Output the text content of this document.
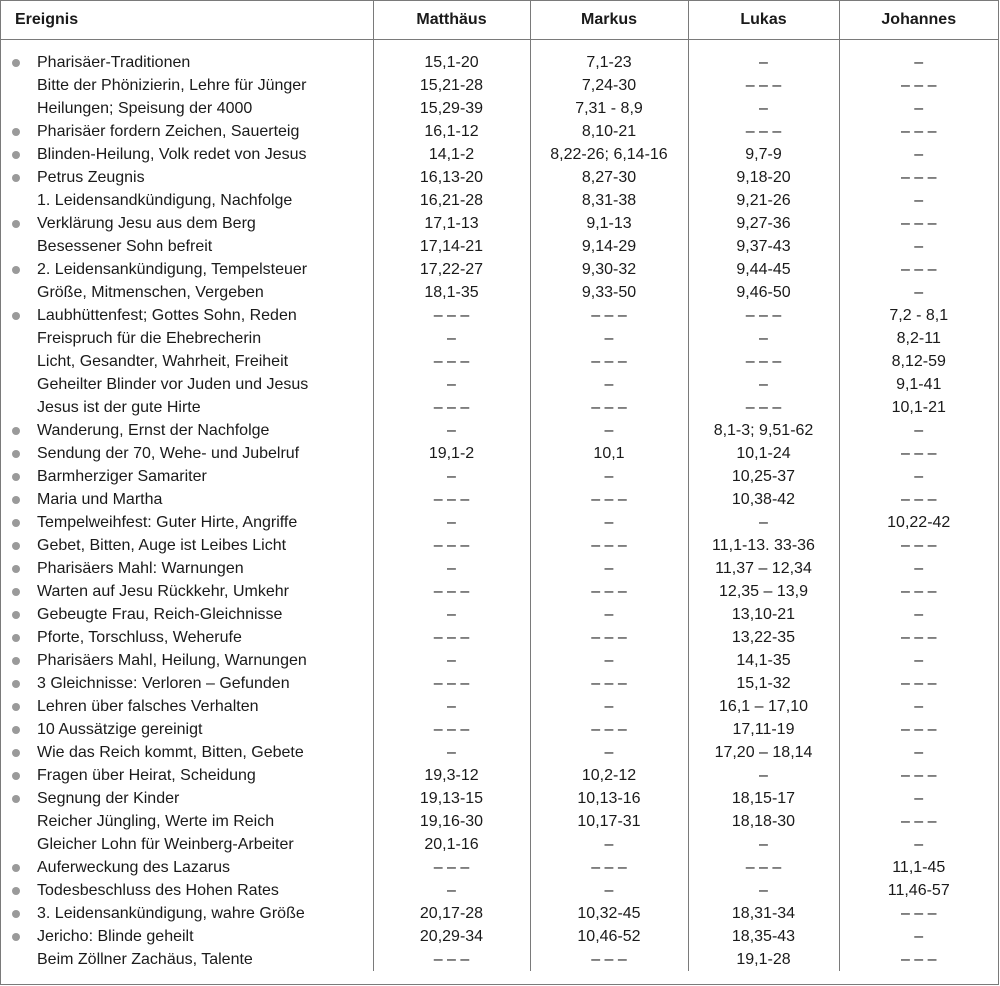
Ereignis	Matthäus	Markus	Lukas	Johannes

Pharisäer-Traditionen	15,1-20	7,1-23	–	–
Bitte der Phönizierin, Lehre für Jünger	15,21-28	7,24-30	– – –	– – –
Heilungen; Speisung der 4000	15,29-39	7,31 - 8,9	–	–

Pharisäer fordern Zeichen, Sauerteig	16,1-12	8,10-21	– – –	– – –

Blinden-Heilung, Volk redet von Jesus	14,1-2	8,22-26; 6,14-16	9,7-9	–

Petrus Zeugnis	16,13-20	8,27-30	9,18-20	– – –
1. Leidensandkündigung, Nachfolge	16,21-28	8,31-38	9,21-26	–

Verklärung Jesu aus dem Berg	17,1-13	9,1-13	9,27-36	– – –
Besessener Sohn befreit	17,14-21	9,14-29	9,37-43	–

2. Leidensankündigung, Tempelsteuer	17,22-27	9,30-32	9,44-45	– – –
Größe, Mitmenschen, Vergeben	18,1-35	9,33-50	9,46-50	–

Laubhüttenfest; Gottes Sohn, Reden	– – –	– – –	– – –	7,2 - 8,1
Freispruch für die Ehebrecherin	–	–	–	8,2-11
Licht, Gesandter, Wahrheit, Freiheit	– – –	– – –	– – –	8,12-59
Geheilter Blinder vor Juden und Jesus	–	–	–	9,1-41
Jesus ist der gute Hirte	– – –	– – –	– – –	10,1-21

Wanderung, Ernst der Nachfolge	–	–	8,1-3; 9,51-62	–

Sendung der 70, Wehe- und Jubelruf	19,1-2	10,1	10,1-24	– – –

Barmherziger Samariter	–	–	10,25-37	–

Maria und Martha	– – –	– – –	10,38-42	– – –

Tempelweihfest: Guter Hirte, Angriffe	–	–	–	10,22-42

Gebet, Bitten, Auge ist Leibes Licht	– – –	– – –	11,1-13. 33-36	– – –

Pharisäers Mahl: Warnungen	–	–	11,37 – 12,34	–

Warten auf Jesu Rückkehr, Umkehr	– – –	– – –	12,35 – 13,9	– – –

Gebeugte Frau, Reich-Gleichnisse	–	–	13,10-21	–

Pforte, Torschluss, Weherufe	– – –	– – –	13,22-35	– – –

Pharisäers Mahl, Heilung, Warnungen	–	–	14,1-35	–

3 Gleichnisse: Verloren – Gefunden	– – –	– – –	15,1-32	– – –

Lehren über falsches Verhalten	–	–	16,1 – 17,10	–

10 Aussätzige gereinigt	– – –	– – –	17,11-19	– – –

Wie das Reich kommt, Bitten, Gebete	–	–	17,20 – 18,14	–

Fragen über Heirat, Scheidung	19,3-12	10,2-12	–	– – –

Segnung der Kinder	19,13-15	10,13-16	18,15-17	–
Reicher Jüngling, Werte im Reich	19,16-30	10,17-31	18,18-30	– – –
Gleicher Lohn für Weinberg-Arbeiter	20,1-16	–	–	–

Auferweckung des Lazarus	– – –	– – –	– – –	11,1-45

Todesbeschluss des Hohen Rates	–	–	–	11,46-57

3. Leidensankündigung, wahre Größe	20,17-28	10,32-45	18,31-34	– – –

Jericho: Blinde geheilt	20,29-34	10,46-52	18,35-43	–
Beim Zöllner Zachäus, Talente	– – –	– – –	19,1-28	– – –
